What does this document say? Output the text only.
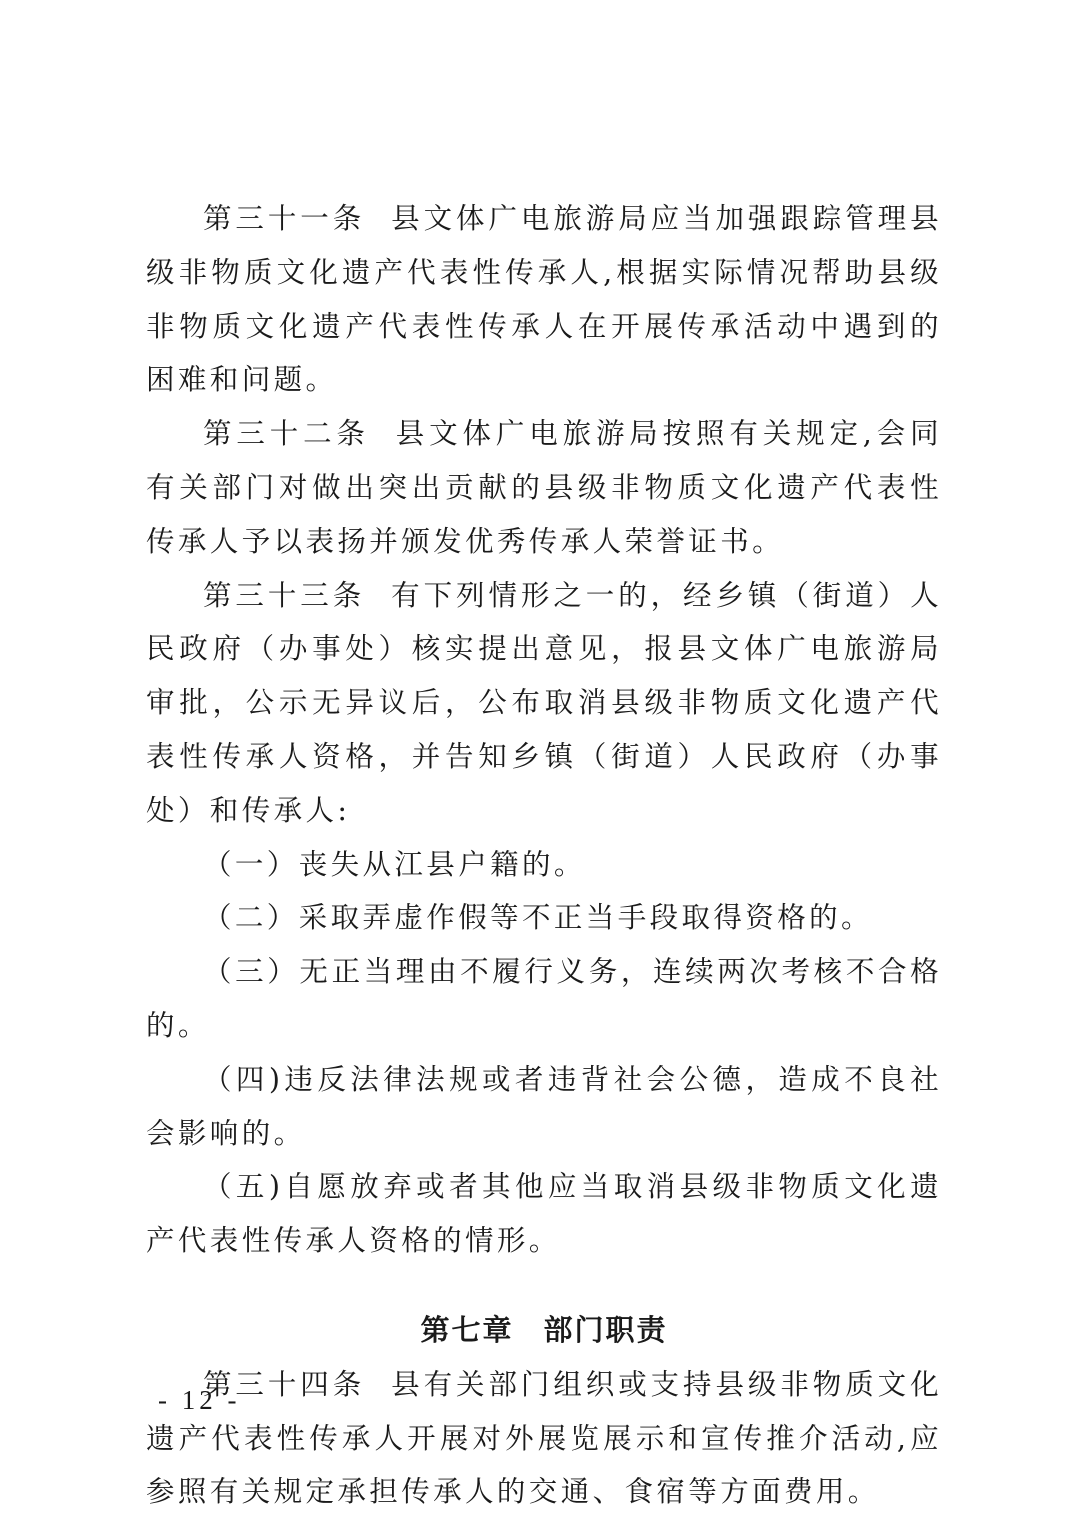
第三十一条 县文体广电旅游局应当加强跟踪管理县级非物质文化遗产代表性传承人,根据实际情况帮助县级非物质文化遗产代表性传承人在开展传承活动中遇到的困难和问题。

第三十二条 县文体广电旅游局按照有关规定,会同有关部门对做出突出贡献的县级非物质文化遗产代表性传承人予以表扬并颁发优秀传承人荣誉证书。

第三十三条 有下列情形之一的，经乡镇（街道）人民政府（办事处）核实提出意见，报县文体广电旅游局审批，公示无异议后，公布取消县级非物质文化遗产代表性传承人资格，并告知乡镇（街道）人民政府（办事处）和传承人:

（一）丧失从江县户籍的。

（二）采取弄虚作假等不正当手段取得资格的。

（三）无正当理由不履行义务，连续两次考核不合格的。

（四)违反法律法规或者违背社会公德，造成不良社会影响的。

（五)自愿放弃或者其他应当取消县级非物质文化遗产代表性传承人资格的情形。

第七章 部门职责

第三十四条 县有关部门组织或支持县级非物质文化遗产代表性传承人开展对外展览展示和宣传推介活动,应参照有关规定承担传承人的交通、食宿等方面费用。

- 12 -
